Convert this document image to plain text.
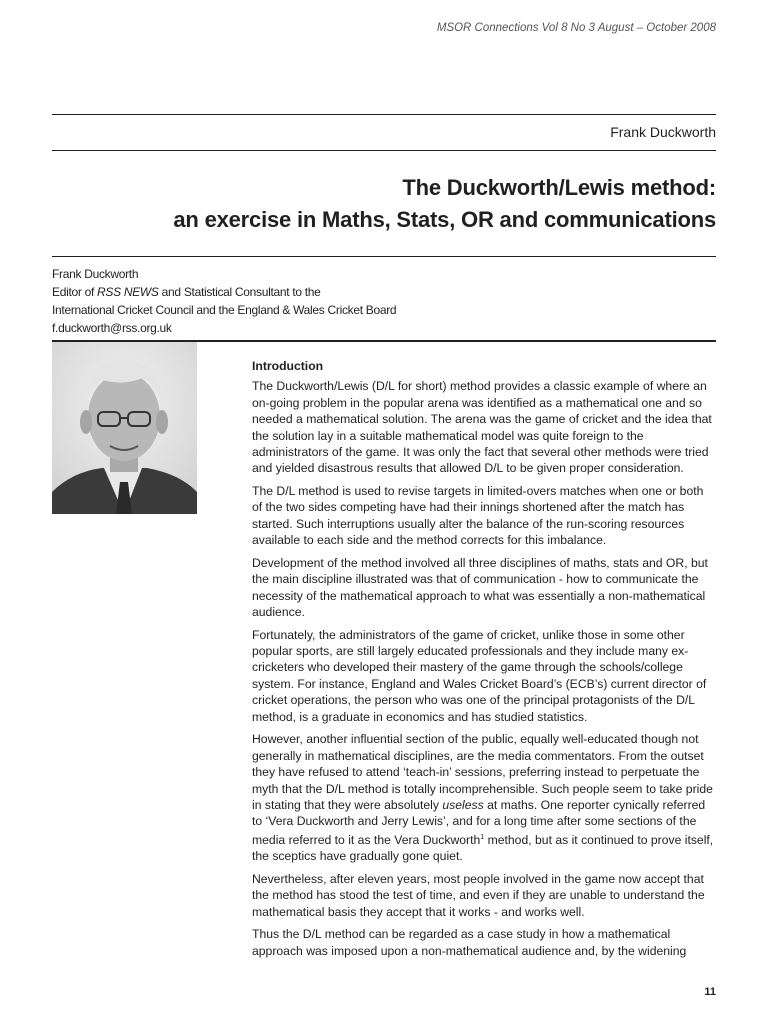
MSOR Connections Vol 8 No 3 August – October 2008
Frank Duckworth
The Duckworth/Lewis method:
an exercise in Maths, Stats, OR and communications
Frank Duckworth
Editor of RSS NEWS and Statistical Consultant to the
International Cricket Council and the England & Wales Cricket Board
f.duckworth@rss.org.uk
Introduction

The Duckworth/Lewis (D/L for short) method provides a classic example of where an on-going problem in the popular arena was identified as a mathematical one and so needed a mathematical solution. The arena was the game of cricket and the idea that the solution lay in a suitable mathematical model was quite foreign to the administrators of the game. It was only the fact that several other methods were tried and yielded disastrous results that allowed D/L to be given proper consideration.

The D/L method is used to revise targets in limited-overs matches when one or both of the two sides competing have had their innings shortened after the match has started. Such interruptions usually alter the balance of the run-scoring resources available to each side and the method corrects for this imbalance.

Development of the method involved all three disciplines of maths, stats and OR, but the main discipline illustrated was that of communication - how to communicate the necessity of the mathematical approach to what was essentially a non-mathematical audience.

Fortunately, the administrators of the game of cricket, unlike those in some other popular sports, are still largely educated professionals and they include many ex-cricketers who developed their mastery of the game through the schools/college system. For instance, England and Wales Cricket Board’s (ECB’s) current director of cricket operations, the person who was one of the principal protagonists of the D/L method, is a graduate in economics and has studied statistics.

However, another influential section of the public, equally well-educated though not generally in mathematical disciplines, are the media commentators. From the outset they have refused to attend ‘teach-in’ sessions, preferring instead to perpetuate the myth that the D/L method is totally incomprehensible. Such people seem to take pride in stating that they were absolutely useless at maths. One reporter cynically referred to ‘Vera Duckworth and Jerry Lewis’, and for a long time after some sections of the media referred to it as the Vera Duckworth$^1$ method, but as it continued to prove itself, the sceptics have gradually gone quiet.

Nevertheless, after eleven years, most people involved in the game now accept that the method has stood the test of time, and even if they are unable to understand the mathematical basis they accept that it works - and works well.

Thus the D/L method can be regarded as a case study in how a mathematical approach was imposed upon a non-mathematical audience and, by the widening

11
